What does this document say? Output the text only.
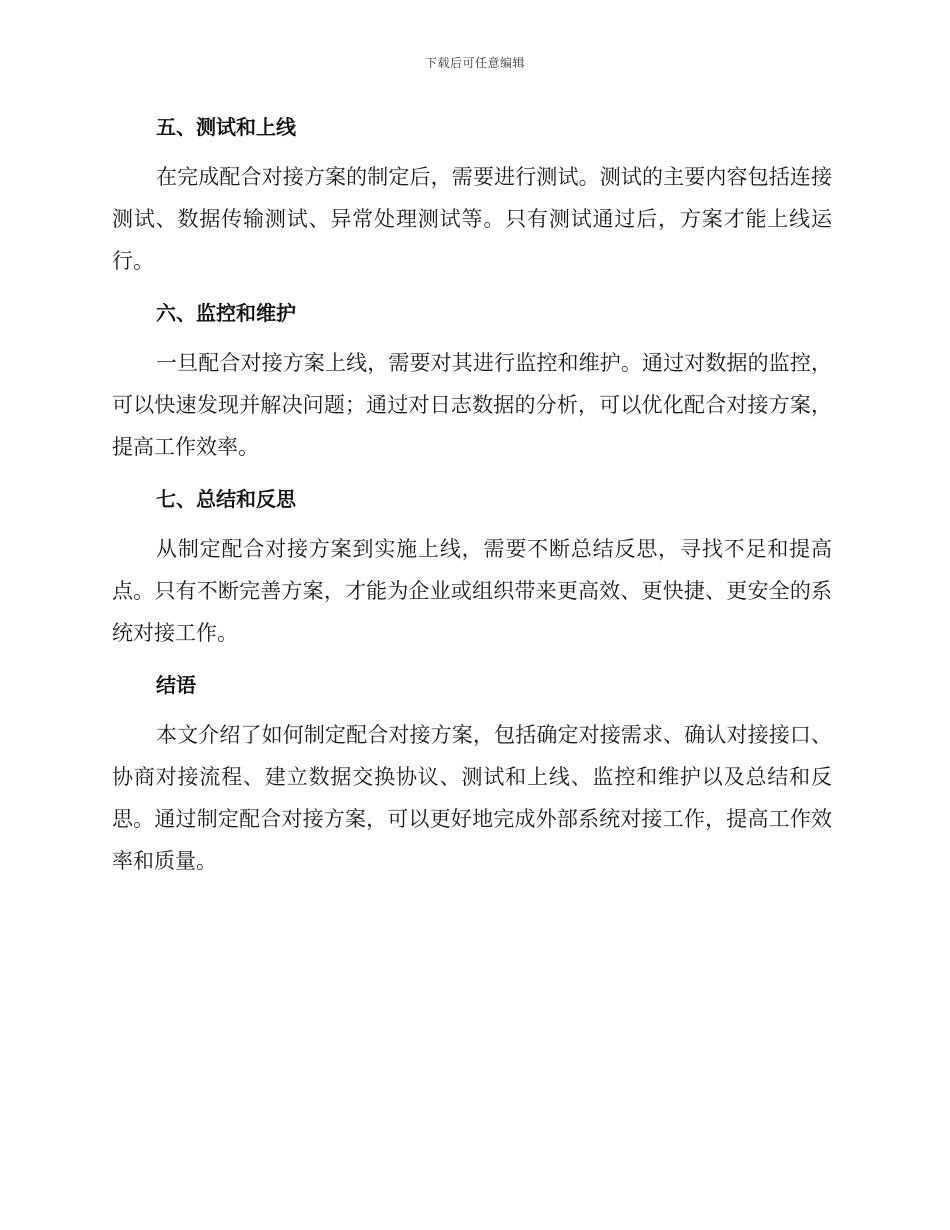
下载后可任意编辑
五、测试和上线

在完成配合对接方案的制定后，需要进行测试。测试的主要内容包括连接测试、数据传输测试、异常处理测试等。只有测试通过后，方案才能上线运行。

六、监控和维护

一旦配合对接方案上线，需要对其进行监控和维护。通过对数据的监控，可以快速发现并解决问题；通过对日志数据的分析，可以优化配合对接方案，提高工作效率。

七、总结和反思

从制定配合对接方案到实施上线，需要不断总结反思，寻找不足和提高点。只有不断完善方案，才能为企业或组织带来更高效、更快捷、更安全的系统对接工作。

结语

本文介绍了如何制定配合对接方案，包括确定对接需求、确认对接接口、协商对接流程、建立数据交换协议、测试和上线、监控和维护以及总结和反思。通过制定配合对接方案，可以更好地完成外部系统对接工作，提高工作效率和质量。
